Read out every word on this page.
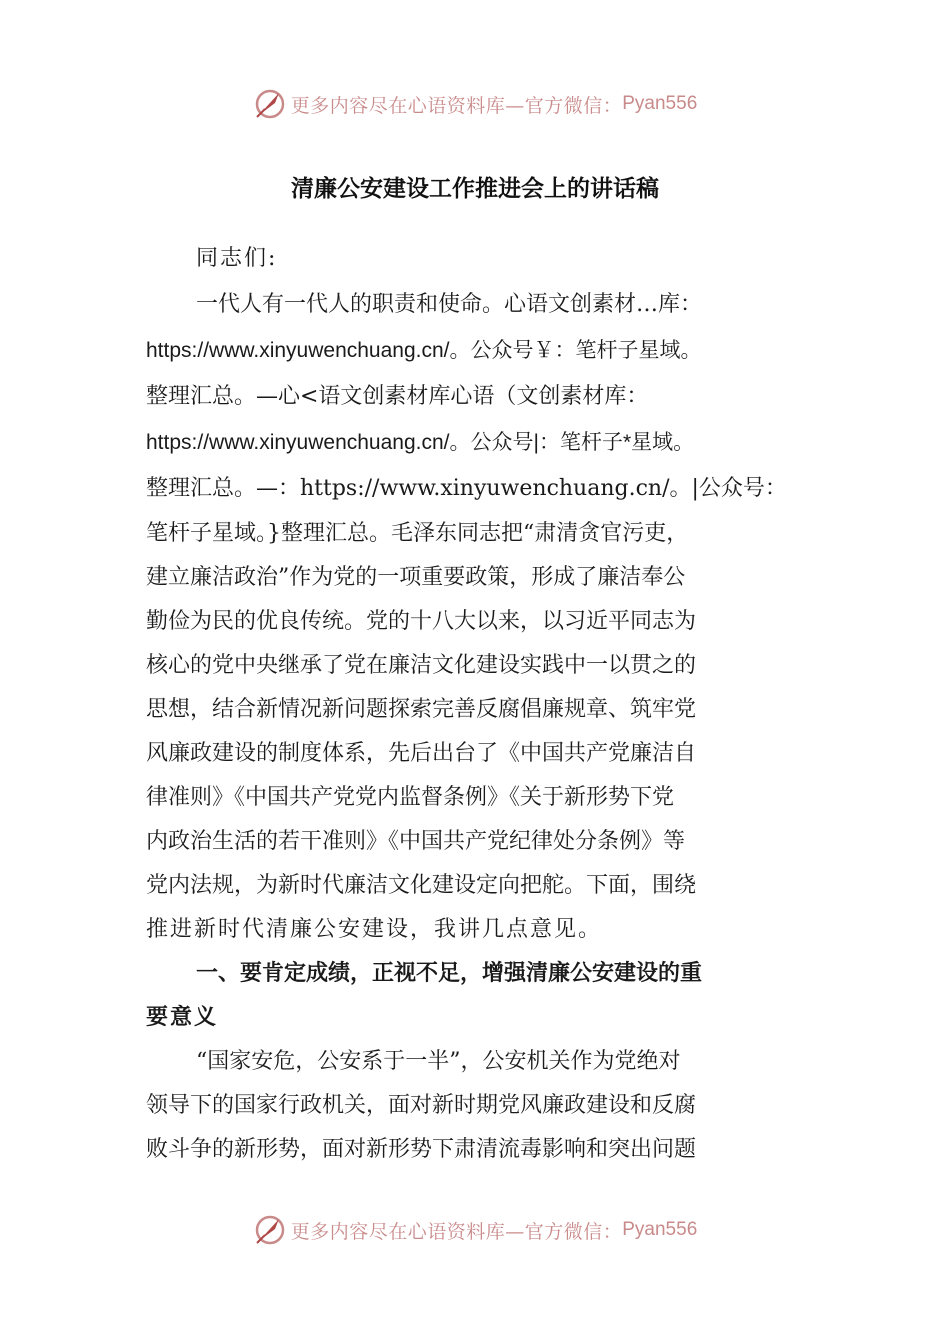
更多内容尽在心语资料库—官方微信： Pyan556
清廉公安建设工作推进会上的讲话稿
同志们:
一代人有一代人的职责和使命。心语文创素材…库：
https://www.xinyuwenchuang.cn/。公众号￥：笔杆子星域。
整理汇总。—心<语文创素材库心语（文创素材库：
https://www.xinyuwenchuang.cn/。公众号|：笔杆子*星域。
整理汇总。—：https://www.xinyuwenchuang.cn/。|公众号：
笔杆子星域。}整理汇总。毛泽东同志把“肃清贪官污吏，
建立廉洁政治”作为党的一项重要政策，形成了廉洁奉公
勤俭为民的优良传统。党的十八大以来，以习近平同志为
核心的党中央继承了党在廉洁文化建设实践中一以贯之的
思想，结合新情况新问题探索完善反腐倡廉规章、筑牢党
风廉政建设的制度体系，先后出台了《中国共产党廉洁自
律准则》《中国共产党党内监督条例》《关于新形势下党
内政治生活的若干准则》《中国共产党纪律处分条例》等
党内法规，为新时代廉洁文化建设定向把舵。下面，围绕
推进新时代清廉公安建设，我讲几点意见。
一、要肯定成绩，正视不足，增强清廉公安建设的重
要意义
“国家安危，公安系于一半”，公安机关作为党绝对
领导下的国家行政机关，面对新时期党风廉政建设和反腐
败斗争的新形势，面对新形势下肃清流毒影响和突出问题
更多内容尽在心语资料库—官方微信： Pyan556
